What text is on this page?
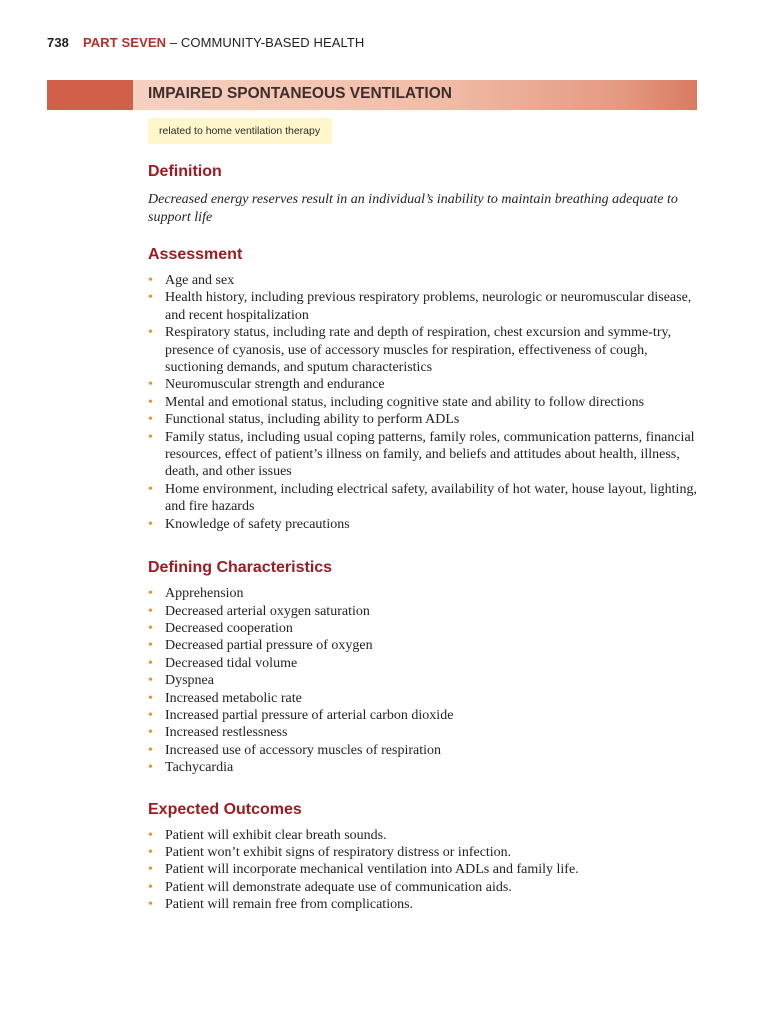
738 PART SEVEN – COMMUNITY-BASED HEALTH
IMPAIRED SPONTANEOUS VENTILATION
related to home ventilation therapy
Definition

Decreased energy reserves result in an individual’s inability to maintain breathing adequate to support life

Assessment
• Age and sex
• Health history, including previous respiratory problems, neurologic or neuromuscular disease, and recent hospitalization
• Respiratory status, including rate and depth of respiration, chest excursion and symme-try, presence of cyanosis, use of accessory muscles for respiration, effectiveness of cough, suctioning demands, and sputum characteristics
• Neuromuscular strength and endurance
• Mental and emotional status, including cognitive state and ability to follow directions
• Functional status, including ability to perform ADLs
• Family status, including usual coping patterns, family roles, communication patterns, financial resources, effect of patient’s illness on family, and beliefs and attitudes about health, illness, death, and other issues
• Home environment, including electrical safety, availability of hot water, house layout, lighting, and fire hazards
• Knowledge of safety precautions
Defining Characteristics
• Apprehension
• Decreased arterial oxygen saturation
• Decreased cooperation
• Decreased partial pressure of oxygen
• Decreased tidal volume
• Dyspnea
• Increased metabolic rate
• Increased partial pressure of arterial carbon dioxide
• Increased restlessness
• Increased use of accessory muscles of respiration
• Tachycardia
Expected Outcomes
• Patient will exhibit clear breath sounds.
• Patient won’t exhibit signs of respiratory distress or infection.
• Patient will incorporate mechanical ventilation into ADLs and family life.
• Patient will demonstrate adequate use of communication aids.
• Patient will remain free from complications.
